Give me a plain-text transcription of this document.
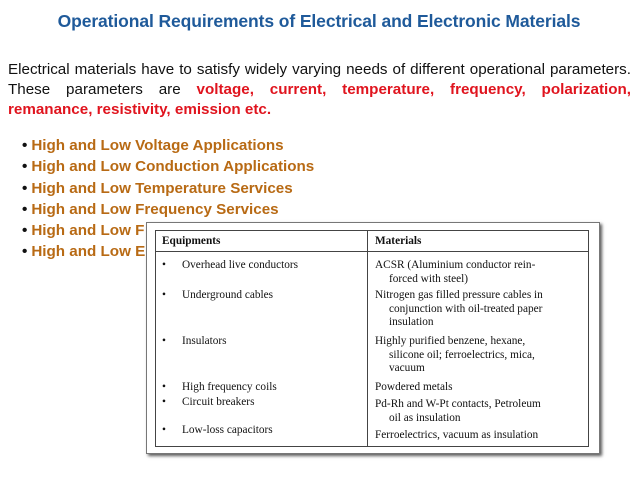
Operational Requirements of Electrical and Electronic Materials
Electrical materials have to satisfy widely varying needs of different operational parameters. These parameters are voltage, current, temperature, frequency, polarization, remanance, resistivity, emission etc.
• High and Low Voltage Applications
• High and Low Conduction Applications
• High and Low Temperature Services
• High and Low Frequency Services
• High and Low F
• High and Low E
Equipments	Materials
• Overhead live conductors	ACSR (Aluminium conductor rein-
forced with steel)
• Underground cables	Nitrogen gas filled pressure cables in
conjunction with oil-treated paper
insulation
• Insulators	Highly purified benzene, hexane,
silicone oil; ferroelectrics, mica,
vacuum
• High frequency coils	Powdered metals
• Circuit breakers	Pd-Rh and W-Pt contacts, Petroleum
oil as insulation
• Low-loss capacitors	Ferroelectrics, vacuum as insulation
